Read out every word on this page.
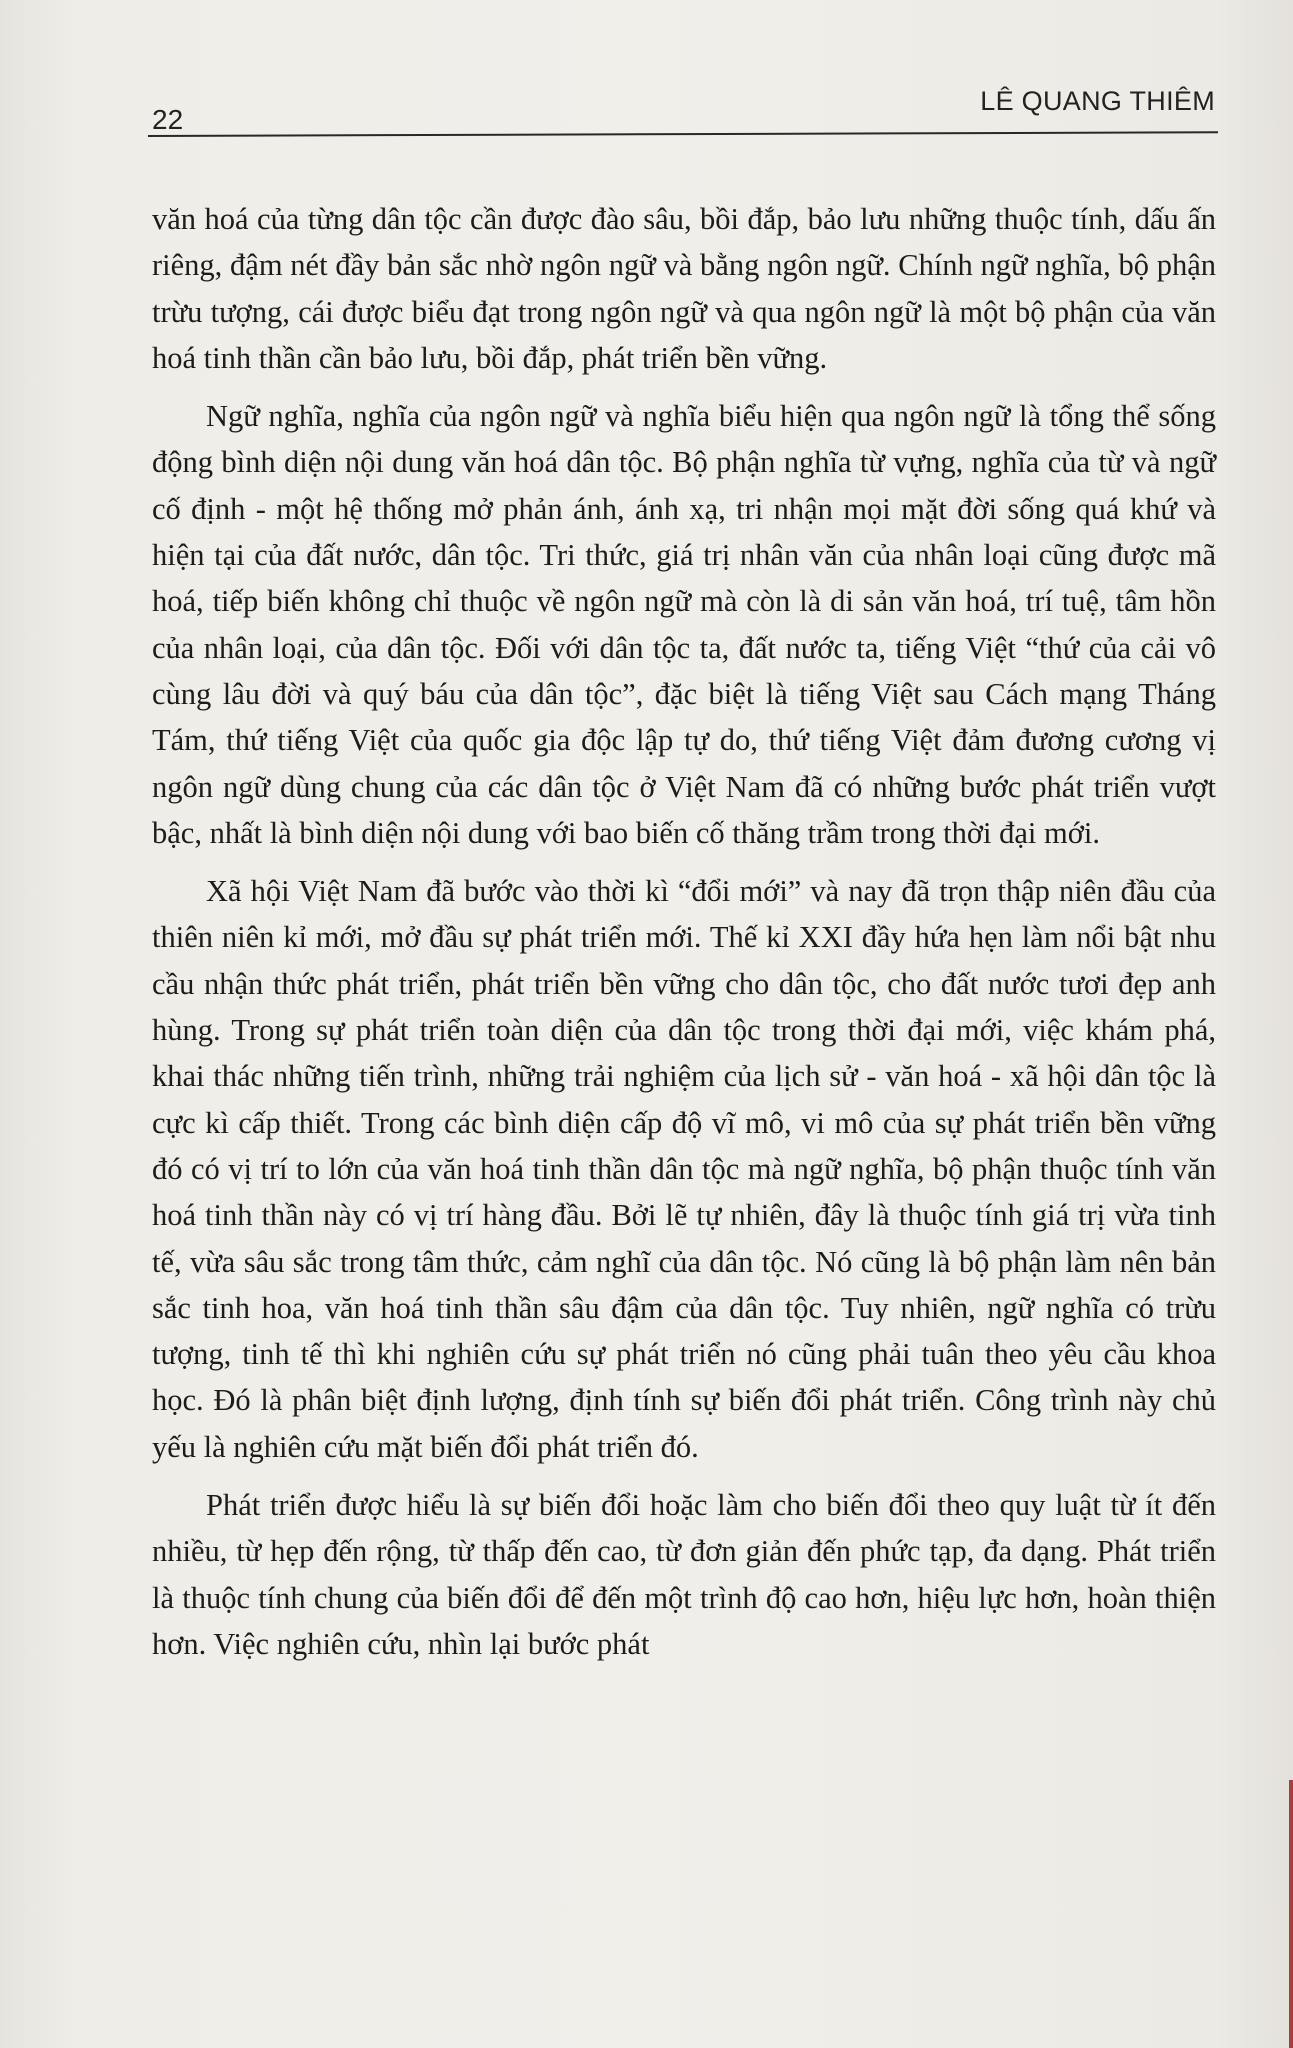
22
LÊ QUANG THIÊM

văn hoá của từng dân tộc cần được đào sâu, bồi đắp, bảo lưu những thuộc tính, dấu ấn riêng, đậm nét đầy bản sắc nhờ ngôn ngữ và bằng ngôn ngữ. Chính ngữ nghĩa, bộ phận trừu tượng, cái được biểu đạt trong ngôn ngữ và qua ngôn ngữ là một bộ phận của văn hoá tinh thần cần bảo lưu, bồi đắp, phát triển bền vững.

Ngữ nghĩa, nghĩa của ngôn ngữ và nghĩa biểu hiện qua ngôn ngữ là tổng thể sống động bình diện nội dung văn hoá dân tộc. Bộ phận nghĩa từ vựng, nghĩa của từ và ngữ cố định - một hệ thống mở phản ánh, ánh xạ, tri nhận mọi mặt đời sống quá khứ và hiện tại của đất nước, dân tộc. Tri thức, giá trị nhân văn của nhân loại cũng được mã hoá, tiếp biến không chỉ thuộc về ngôn ngữ mà còn là di sản văn hoá, trí tuệ, tâm hồn của nhân loại, của dân tộc. Đối với dân tộc ta, đất nước ta, tiếng Việt “thứ của cải vô cùng lâu đời và quý báu của dân tộc”, đặc biệt là tiếng Việt sau Cách mạng Tháng Tám, thứ tiếng Việt của quốc gia độc lập tự do, thứ tiếng Việt đảm đương cương vị ngôn ngữ dùng chung của các dân tộc ở Việt Nam đã có những bước phát triển vượt bậc, nhất là bình diện nội dung với bao biến cố thăng trầm trong thời đại mới.

Xã hội Việt Nam đã bước vào thời kì “đổi mới” và nay đã trọn thập niên đầu của thiên niên kỉ mới, mở đầu sự phát triển mới. Thế kỉ XXI đầy hứa hẹn làm nổi bật nhu cầu nhận thức phát triển, phát triển bền vững cho dân tộc, cho đất nước tươi đẹp anh hùng. Trong sự phát triển toàn diện của dân tộc trong thời đại mới, việc khám phá, khai thác những tiến trình, những trải nghiệm của lịch sử - văn hoá - xã hội dân tộc là cực kì cấp thiết. Trong các bình diện cấp độ vĩ mô, vi mô của sự phát triển bền vững đó có vị trí to lớn của văn hoá tinh thần dân tộc mà ngữ nghĩa, bộ phận thuộc tính văn hoá tinh thần này có vị trí hàng đầu. Bởi lẽ tự nhiên, đây là thuộc tính giá trị vừa tinh tế, vừa sâu sắc trong tâm thức, cảm nghĩ của dân tộc. Nó cũng là bộ phận làm nên bản sắc tinh hoa, văn hoá tinh thần sâu đậm của dân tộc. Tuy nhiên, ngữ nghĩa có trừu tượng, tinh tế thì khi nghiên cứu sự phát triển nó cũng phải tuân theo yêu cầu khoa học. Đó là phân biệt định lượng, định tính sự biến đổi phát triển. Công trình này chủ yếu là nghiên cứu mặt biến đổi phát triển đó.

Phát triển được hiểu là sự biến đổi hoặc làm cho biến đổi theo quy luật từ ít đến nhiều, từ hẹp đến rộng, từ thấp đến cao, từ đơn giản đến phức tạp, đa dạng. Phát triển là thuộc tính chung của biến đổi để đến một trình độ cao hơn, hiệu lực hơn, hoàn thiện hơn. Việc nghiên cứu, nhìn lại bước phát
